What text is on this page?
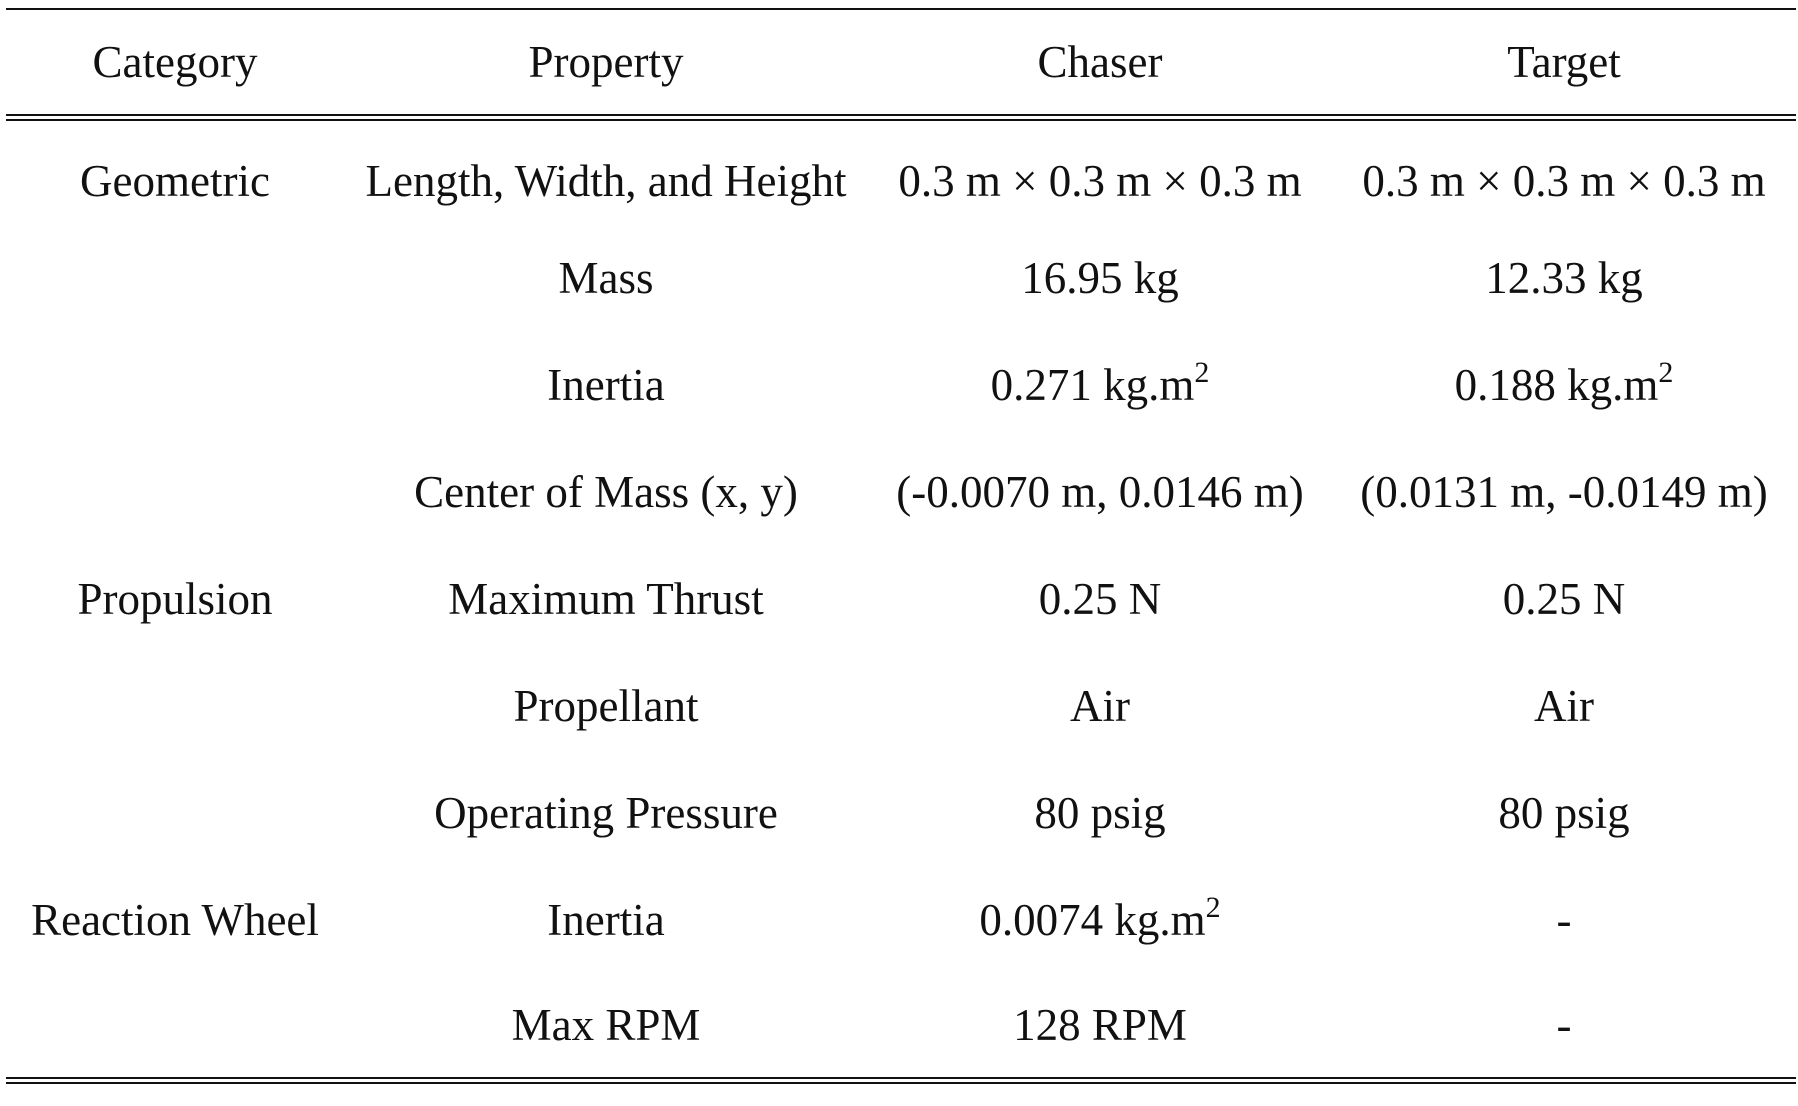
Category	Property	Chaser	Target
Geometric	Length, Width, and Height	0.3 m × 0.3 m × 0.3 m	0.3 m × 0.3 m × 0.3 m
	Mass	16.95 kg	12.33 kg
	Inertia	0.271 $kg.m^2$	0.188 $kg.m^2$
	Center of Mass (x, y)	(-0.0070 m, 0.0146 m)	(0.0131 m, -0.0149 m)
Propulsion	Maximum Thrust	0.25 N	0.25 N
	Propellant	Air	Air
	Operating Pressure	80 psig	80 psig
Reaction Wheel	Inertia	0.0074 $kg.m^2$	-
	Max RPM	128 RPM	-
